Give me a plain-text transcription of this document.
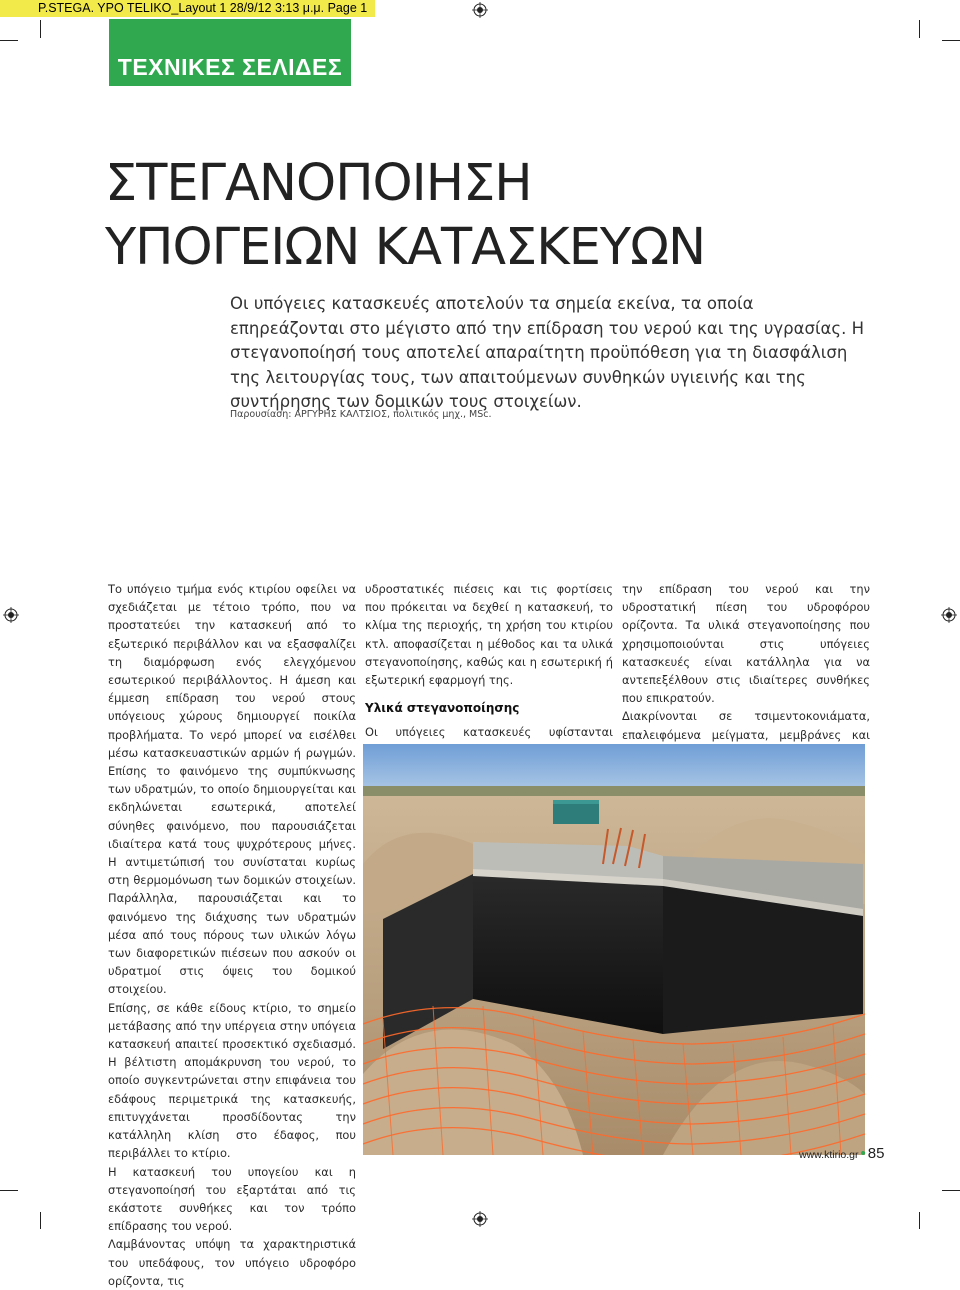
P.STEGA. YPO TELIKO_Layout 1 28/9/12 3:13 μ.μ. Page 1
ΤΕΧΝΙΚΕΣ ΣΕΛΙΔΕΣ
ΣΤΕΓΑΝΟΠΟΙΗΣΗ
ΥΠΟΓΕΙΩΝ ΚΑΤΑΣΚΕΥΩΝ

Οι υπόγειες κατασκευές αποτελούν τα σημεία εκείνα, τα οποία επηρεάζονται στο μέγιστο από την επίδραση του νερού και της υγρασίας. Η στεγανοποίησή τους αποτελεί απαραίτητη προϋπόθεση για τη διασφάλιση της λειτουργίας τους, των απαιτούμενων συνθηκών υγιεινής και της συντήρησης των δομικών τους στοιχείων.

Παρουσίαση: ΑΡΓΥΡΗΣ ΚΑΛΤΣΙΟΣ, πολιτικός μηχ., MSc.

Το υπόγειο τμήμα ενός κτιρίου οφείλει να σχεδιάζεται με τέτοιο τρόπο, που να προστατεύει την κατασκευή από το εξωτερικό περιβάλλον και να εξασφαλίζει τη διαμόρφωση ενός ελεγχόμενου εσωτερικού περιβάλλοντος. Η άμεση και έμμεση επίδραση του νερού στους υπόγειους χώρους δημιουργεί ποικίλα προβλήματα. Το νερό μπορεί να εισέλθει μέσω κατασκευαστικών αρμών ή ρωγμών. Επίσης το φαινόμενο της συμπύκνωσης των υδρατμών, το οποίο δημιουργείται και εκδηλώνεται εσωτερικά, αποτελεί σύνηθες φαινόμενο, που παρουσιάζεται ιδιαίτερα κατά τους ψυχρότερους μήνες. Η αντιμετώπισή του συνίσταται κυρίως στη θερμομόνωση των δομικών στοιχείων. Παράλληλα, παρουσιάζεται και το φαινόμενο της διάχυσης των υδρατμών μέσα από τους πόρους των υλικών λόγω των διαφορετικών πιέσεων που ασκούν οι υδρατμοί στις όψεις του δομικού στοιχείου.

Επίσης, σε κάθε είδους κτίριο, το σημείο μετάβασης από την υπέργεια στην υπόγεια κατασκευή απαιτεί προσεκτικό σχεδιασμό. Η βέλτιστη απομάκρυνση του νερού, το οποίο συγκεντρώνεται στην επιφάνεια του εδάφους περιμετρικά της κατασκευής, επιτυγχάνεται προσδίδοντας την κατάλληλη κλίση στο έδαφος, που περιβάλλει το κτίριο.

Η κατασκευή του υπογείου και η στεγανοποίησή του εξαρτάται από τις εκάστοτε συνθήκες και τον τρόπο επίδρασης του νερού.

Λαμβάνοντας υπόψη τα χαρακτηριστικά του υπεδάφους, τον υπόγειο υδροφόρο ορίζοντα, τις

υδροστατικές πιέσεις και τις φορτίσεις που πρόκειται να δεχθεί η κατασκευή, το κλίμα της περιοχής, τη χρήση του κτιρίου κτλ. αποφασίζεται η μέθοδος και τα υλικά στεγανοποίησης, καθώς και η εσωτερική ή εξωτερική εφαρμογή της.

Υλικά στεγανοποίησης

Οι υπόγειες κατασκευές υφίστανται

την επίδραση του νερού και την υδροστατική πίεση του υδροφόρου ορίζοντα. Τα υλικά στεγανοποίησης που χρησιμοποιούνται στις υπόγειες κατασκευές είναι κατάλληλα για να αντεπεξέλθουν στις ιδιαίτερες συνθήκες που επικρατούν.

Διακρίνονται σε τσιμεντοκονιάματα, επαλειφόμενα μείγματα, μεμβράνες και

www.ktirio.gr • 85
